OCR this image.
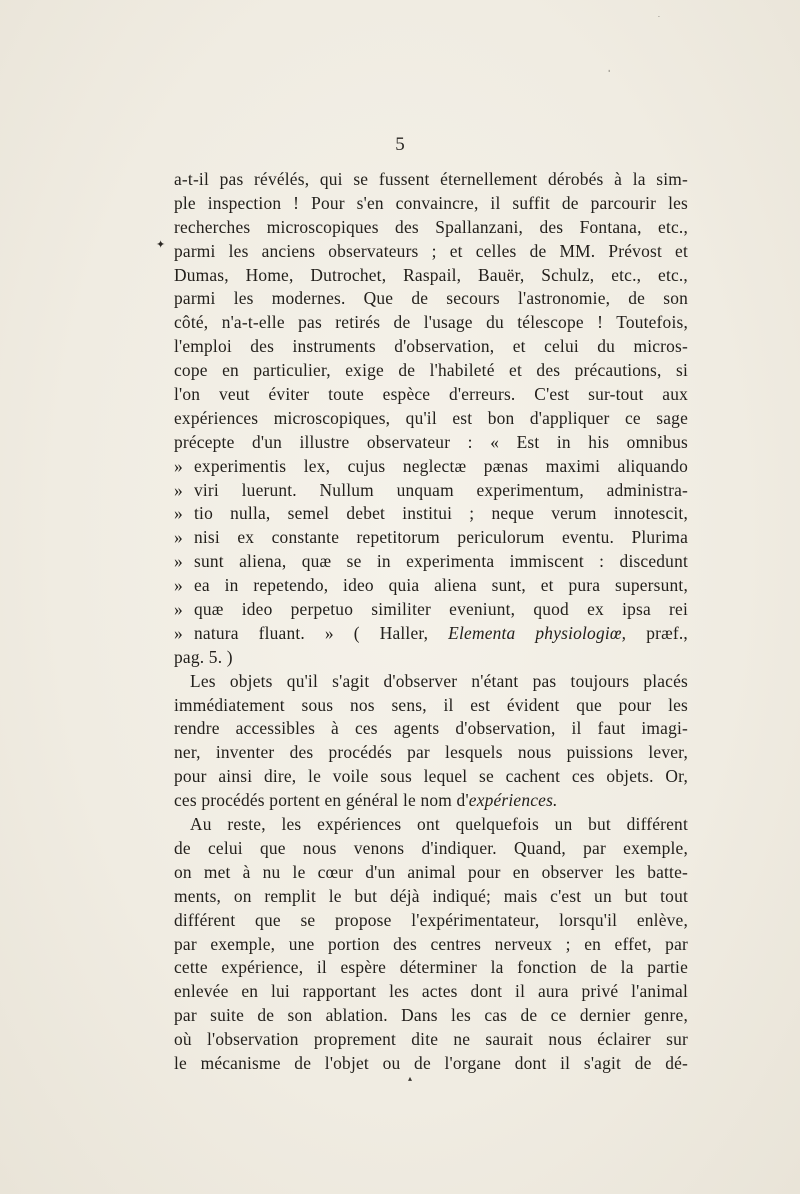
5
✦
a-t-il pas révélés, qui se fussent éternellement dérobés à la sim-
ple inspection ! Pour s'en convaincre, il suffit de parcourir les
recherches microscopiques des Spallanzani, des Fontana, etc.,
parmi les anciens observateurs ; et celles de MM. Prévost et
Dumas, Home, Dutrochet, Raspail, Bauër, Schulz, etc., etc.,
parmi les modernes. Que de secours l'astronomie, de son
côté, n'a-t-elle pas retirés de l'usage du télescope ! Toutefois,
l'emploi des instruments d'observation, et celui du micros-
cope en particulier, exige de l'habileté et des précautions, si
l'on veut éviter toute espèce d'erreurs. C'est sur-tout aux
expériences microscopiques, qu'il est bon d'appliquer ce sage
précepte d'un illustre observateur : « Est in his omnibus
» experimentis lex, cujus neglectæ pænas maximi aliquando
» viri luerunt. Nullum unquam experimentum, administra-
» tio nulla, semel debet institui ; neque verum innotescit,
» nisi ex constante repetitorum periculorum eventu. Plurima
» sunt aliena, quæ se in experimenta immiscent : discedunt
» ea in repetendo, ideo quia aliena sunt, et pura supersunt,
» quæ ideo perpetuo similiter eveniunt, quod ex ipsa rei
» natura fluant. » ( Haller, Elementa physiologiœ, præf.,
pag. 5. )
Les objets qu'il s'agit d'observer n'étant pas toujours placés
immédiatement sous nos sens, il est évident que pour les
rendre accessibles à ces agents d'observation, il faut imagi-
ner, inventer des procédés par lesquels nous puissions lever,
pour ainsi dire, le voile sous lequel se cachent ces objets. Or,
ces procédés portent en général le nom d'expériences.
Au reste, les expériences ont quelquefois un but différent
de celui que nous venons d'indiquer. Quand, par exemple,
on met à nu le cœur d'un animal pour en observer les batte-
ments, on remplit le but déjà indiqué; mais c'est un but tout
différent que se propose l'expérimentateur, lorsqu'il enlève,
par exemple, une portion des centres nerveux ; en effet, par
cette expérience, il espère déterminer la fonction de la partie
enlevée en lui rapportant les actes dont il aura privé l'animal
par suite de son ablation. Dans les cas de ce dernier genre,
où l'observation proprement dite ne saurait nous éclairer sur
le mécanisme de l'objet ou de l'organe dont il s'agit de dé-
·
ˌ
▴
